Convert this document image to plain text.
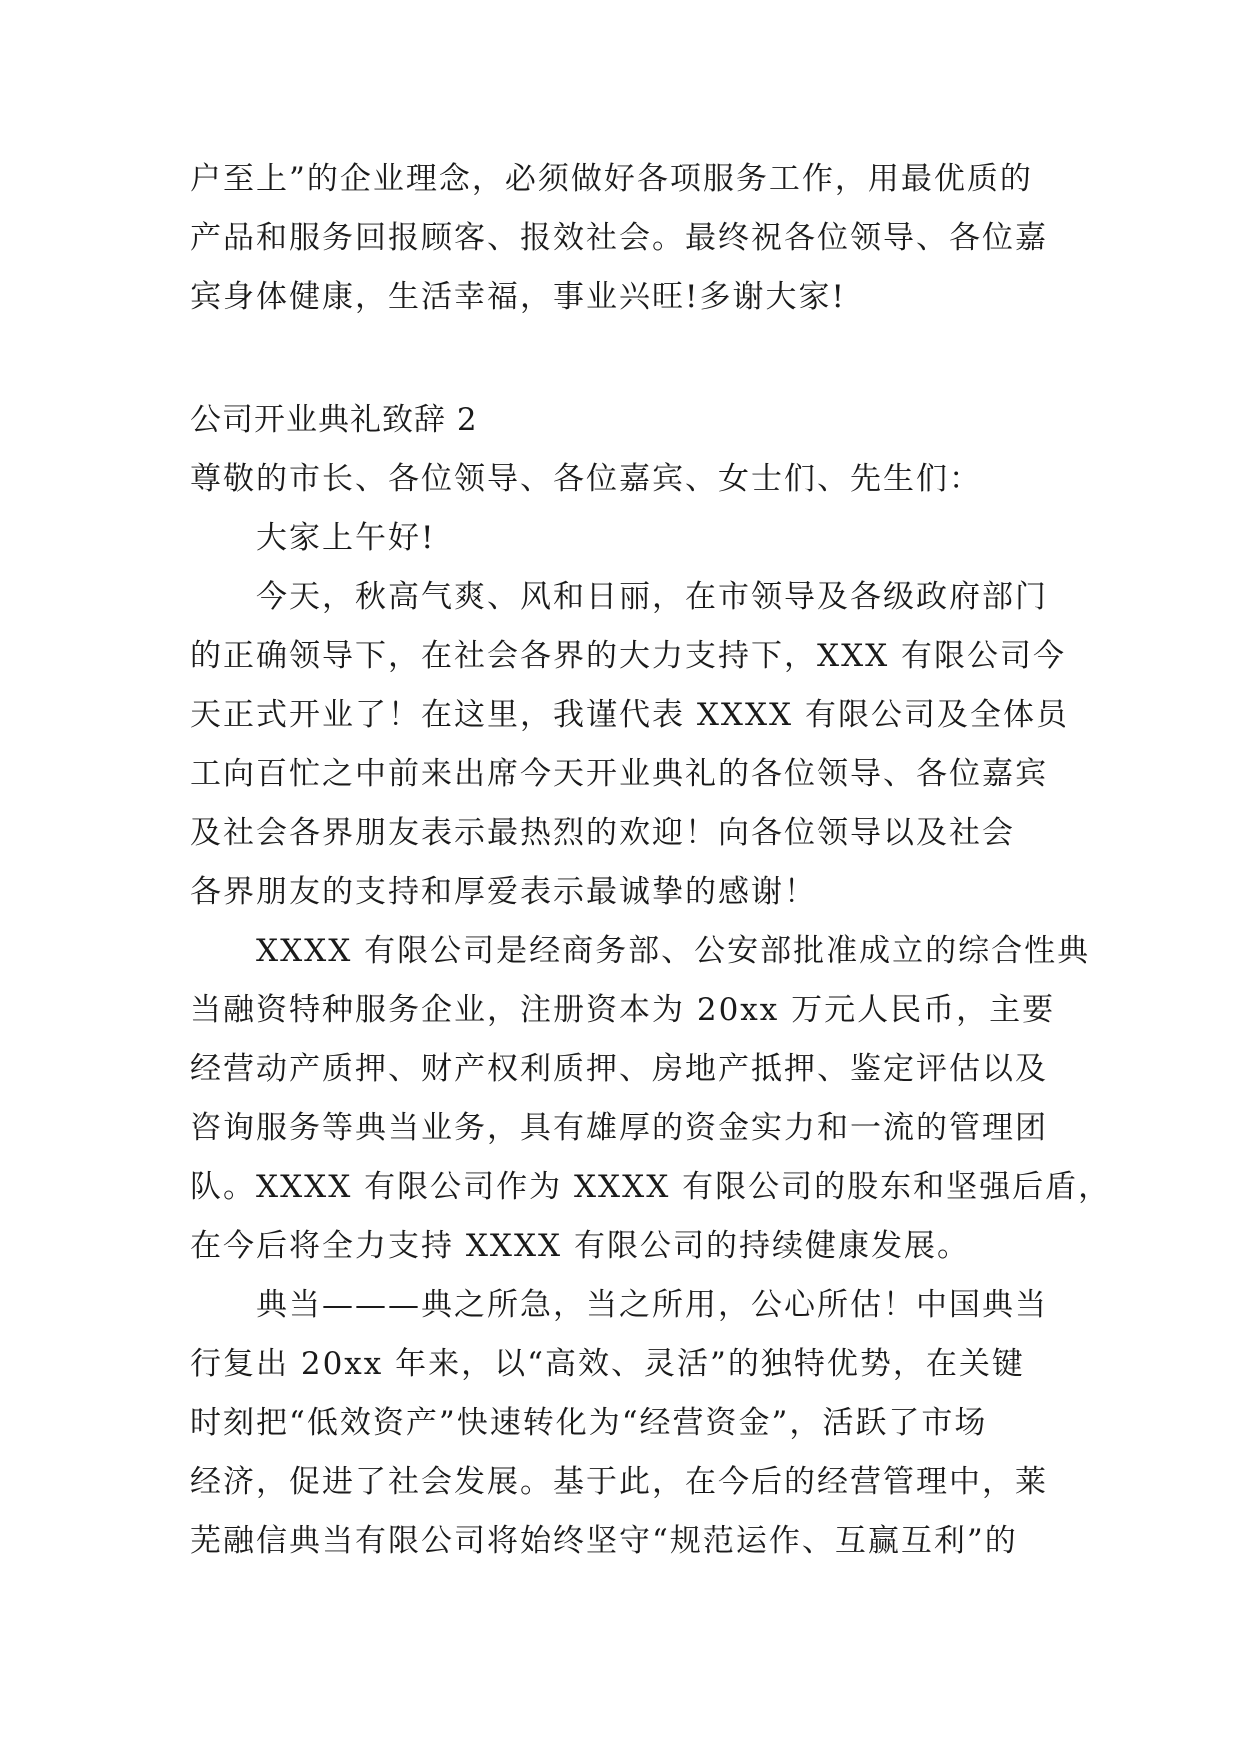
户至上”的企业理念，必须做好各项服务工作，用最优质的
产品和服务回报顾客、报效社会。最终祝各位领导、各位嘉
宾身体健康，生活幸福，事业兴旺!多谢大家!
公司开业典礼致辞 2
尊敬的市长、各位领导、各位嘉宾、女士们、先生们：
大家上午好!
今天，秋高气爽、风和日丽，在市领导及各级政府部门
的正确领导下，在社会各界的大力支持下，XXX 有限公司今
天正式开业了！在这里，我谨代表 XXXX 有限公司及全体员
工向百忙之中前来出席今天开业典礼的各位领导、各位嘉宾
及社会各界朋友表示最热烈的欢迎！向各位领导以及社会
各界朋友的支持和厚爱表示最诚挚的感谢！
XXXX 有限公司是经商务部、公安部批准成立的综合性典
当融资特种服务企业，注册资本为 20xx 万元人民币，主要
经营动产质押、财产权利质押、房地产抵押、鉴定评估以及
咨询服务等典当业务，具有雄厚的资金实力和一流的管理团
队。XXXX 有限公司作为 XXXX 有限公司的股东和坚强后盾，
在今后将全力支持 XXXX 有限公司的持续健康发展。
典当———典之所急，当之所用，公心所估！中国典当
行复出 20xx 年来，以“高效、灵活”的独特优势，在关键
时刻把“低效资产”快速转化为“经营资金”，活跃了市场
经济，促进了社会发展。基于此，在今后的经营管理中，莱
芜融信典当有限公司将始终坚守“规范运作、互赢互利”的
